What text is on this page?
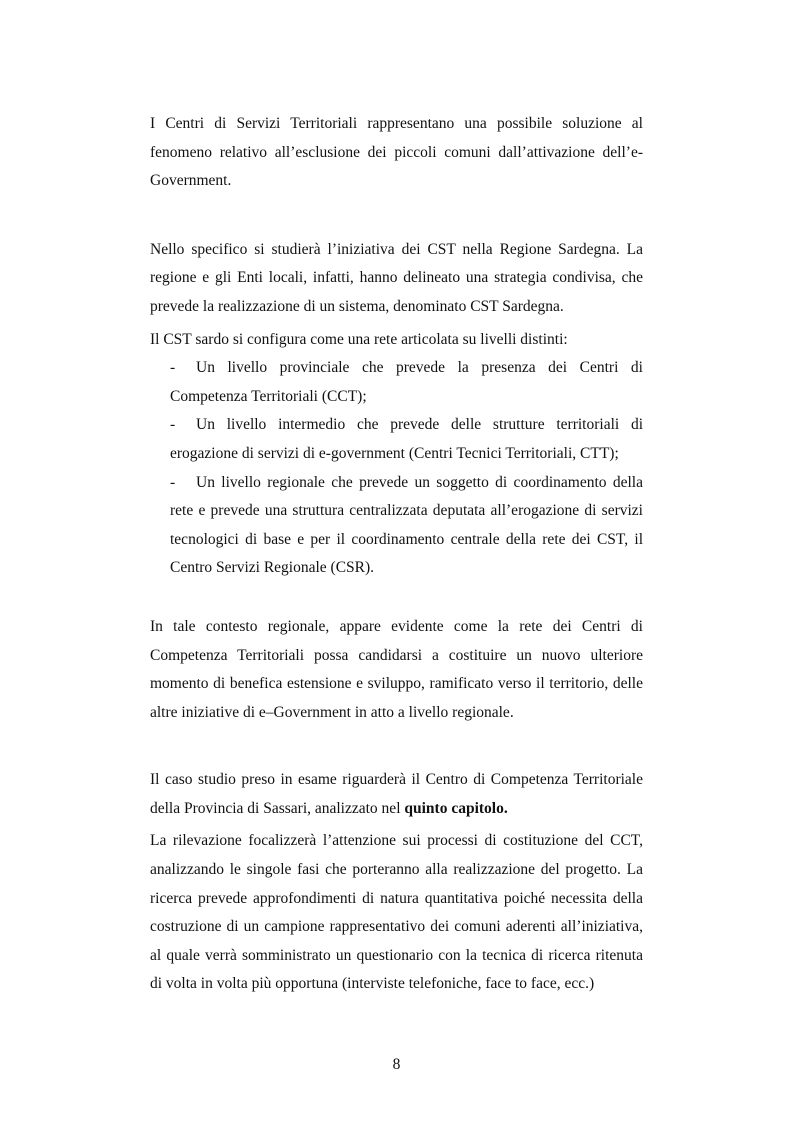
I Centri di Servizi Territoriali rappresentano una possibile soluzione al fenomeno relativo all’esclusione dei piccoli comuni dall’attivazione dell’e-Government.

Nello specifico si studierà l’iniziativa dei CST nella Regione Sardegna. La regione e gli Enti locali, infatti, hanno delineato una strategia condivisa, che prevede la realizzazione di un sistema, denominato CST Sardegna.

Il CST sardo si configura come una rete articolata su livelli distinti:

-	Un livello provinciale che prevede la presenza dei Centri di Competenza Territoriali (CCT);

-	Un livello intermedio che prevede delle strutture territoriali di erogazione di servizi di e-government (Centri Tecnici Territoriali, CTT);

-	Un livello regionale che prevede un soggetto di coordinamento della rete e prevede una struttura centralizzata deputata all’erogazione di servizi tecnologici di base e per il coordinamento centrale della rete dei CST, il Centro Servizi Regionale (CSR).

In tale contesto regionale, appare evidente come la rete dei Centri di Competenza Territoriali possa candidarsi a costituire un nuovo ulteriore momento di benefica estensione e sviluppo, ramificato verso il territorio, delle altre iniziative di e–Government in atto a livello regionale.

Il caso studio preso in esame riguarderà il Centro di Competenza Territoriale della Provincia di Sassari, analizzato nel quinto capitolo.

La rilevazione focalizzerà l’attenzione sui processi di costituzione del CCT, analizzando le singole fasi che porteranno alla realizzazione del progetto. La ricerca prevede approfondimenti di natura quantitativa poiché necessita della costruzione di un campione rappresentativo dei comuni aderenti all’iniziativa, al quale verrà somministrato un questionario con la tecnica di ricerca ritenuta di volta in volta più opportuna (interviste telefoniche, face to face, ecc.)

8
